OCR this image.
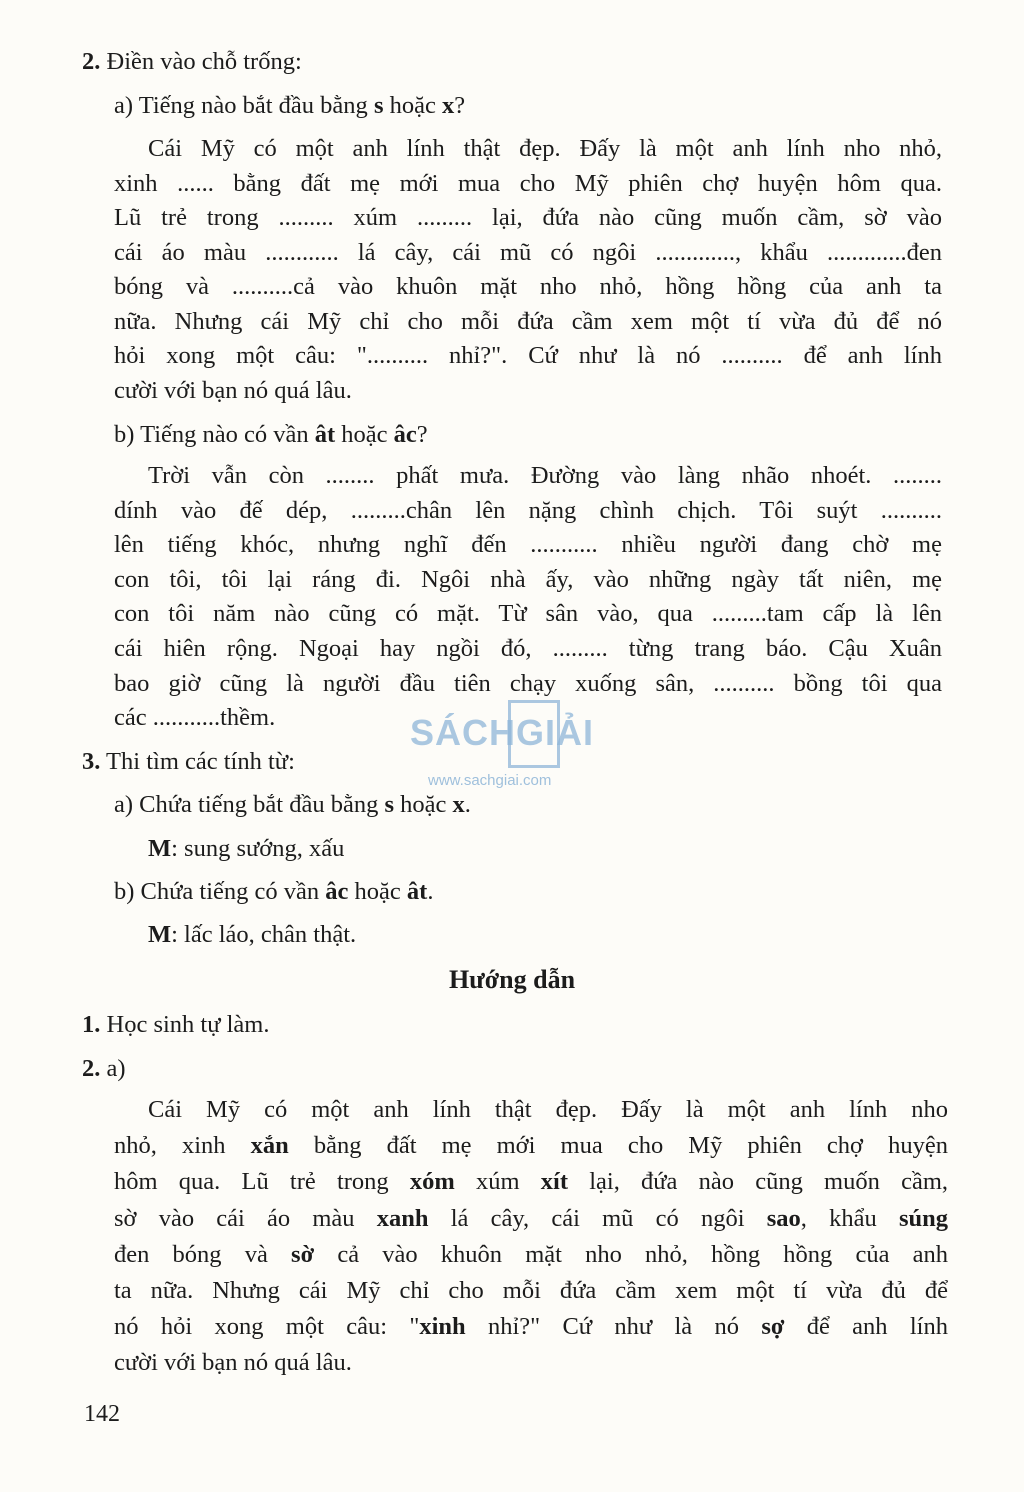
2. Điền vào chỗ trống:
a) Tiếng nào bắt đầu bằng s hoặc x?
Cái Mỹ có một anh lính thật đẹp. Đấy là một anh lính nho nhỏ,
xinh ...... bằng đất mẹ mới mua cho Mỹ phiên chợ huyện hôm qua.
Lũ trẻ trong ......... xúm ......... lại, đứa nào cũng muốn cầm, sờ vào
cái áo màu ............ lá cây, cái mũ có ngôi ............., khẩu .............đen
bóng và ..........cả vào khuôn mặt nho nhỏ, hồng hồng của anh ta
nữa. Nhưng cái Mỹ chỉ cho mỗi đứa cầm xem một tí vừa đủ để nó
hỏi xong một câu: ".......... nhỉ?". Cứ như là nó .......... để anh lính
cười với bạn nó quá lâu.
b) Tiếng nào có vần ât hoặc âc?
Trời vẫn còn ........ phất mưa. Đường vào làng nhão nhoét. ........
dính vào đế dép, .........chân lên nặng chình chịch. Tôi suýt ..........
lên tiếng khóc, nhưng nghĩ đến ........... nhiều người đang chờ mẹ
con tôi, tôi lại ráng đi. Ngôi nhà ấy, vào những ngày tất niên, mẹ
con tôi năm nào cũng có mặt. Từ sân vào, qua .........tam cấp là lên
cái hiên rộng. Ngoại hay ngồi đó, ......... từng trang báo. Cậu Xuân
bao giờ cũng là người đầu tiên chạy xuống sân, .......... bồng tôi qua
các ...........thềm.
3. Thi tìm các tính từ:
a) Chứa tiếng bắt đầu bằng s hoặc x.
M: sung sướng, xấu
b) Chứa tiếng có vần âc hoặc ât.
M: lấc láo, chân thật.
1. Học sinh tự làm.
2. a)
Cái Mỹ có một anh lính thật đẹp. Đấy là một anh lính nho
nhỏ, xinh xắn bằng đất mẹ mới mua cho Mỹ phiên chợ huyện
hôm qua. Lũ trẻ trong xóm xúm xít lại, đứa nào cũng muốn cầm,
sờ vào cái áo màu xanh lá cây, cái mũ có ngôi sao, khẩu súng
đen bóng và sờ cả vào khuôn mặt nho nhỏ, hồng hồng của anh
ta nữa. Nhưng cái Mỹ chỉ cho mỗi đứa cầm xem một tí vừa đủ để
nó hỏi xong một câu: "xinh nhỉ?" Cứ như là nó sợ để anh lính
cười với bạn nó quá lâu.
Hướng dẫn
142
SÁCHGIẢI
www.sachgiai.com
